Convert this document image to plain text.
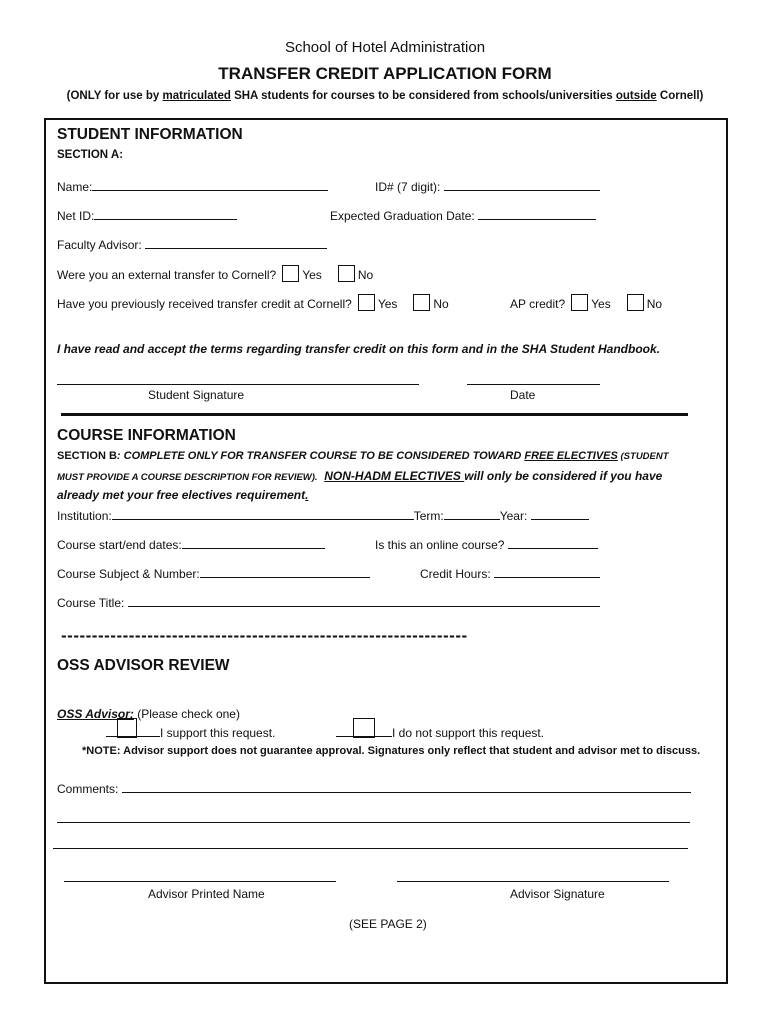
School of Hotel Administration
TRANSFER CREDIT APPLICATION FORM
(ONLY for use by matriculated SHA students for courses to be considered from schools/universities outside Cornell)
STUDENT INFORMATION
SECTION A:
Name:	ID# (7 digit):
Net ID:	Expected Graduation Date:
Faculty Advisor:
Were you an external transfer to Cornell? Yes	No
Have you previously received transfer credit at Cornell? Yes	No	AP credit? Yes	No
I have read and accept the terms regarding transfer credit on this form and in the SHA Student Handbook.
Student Signature	Date
COURSE INFORMATION
SECTION B: COMPLETE ONLY FOR TRANSFER COURSE TO BE CONSIDERED TOWARD FREE ELECTIVES (STUDENT
MUST PROVIDE A COURSE DESCRIPTION FOR REVIEW). NON-HADM ELECTIVES will only be considered if you have
already met your free electives requirement.
Institution:	Term:	Year:
Course start/end dates:	Is this an online course?
Course Subject & Number:	Credit Hours:
Course Title:
------------------------------------------------------------------
OSS ADVISOR REVIEW
OSS Advisor: (Please check one)
I support this request.	I do not support this request.
*NOTE: Advisor support does not guarantee approval. Signatures only reflect that student and advisor met to discuss.
Comments:
Advisor Printed Name	Advisor Signature
(SEE PAGE 2)
